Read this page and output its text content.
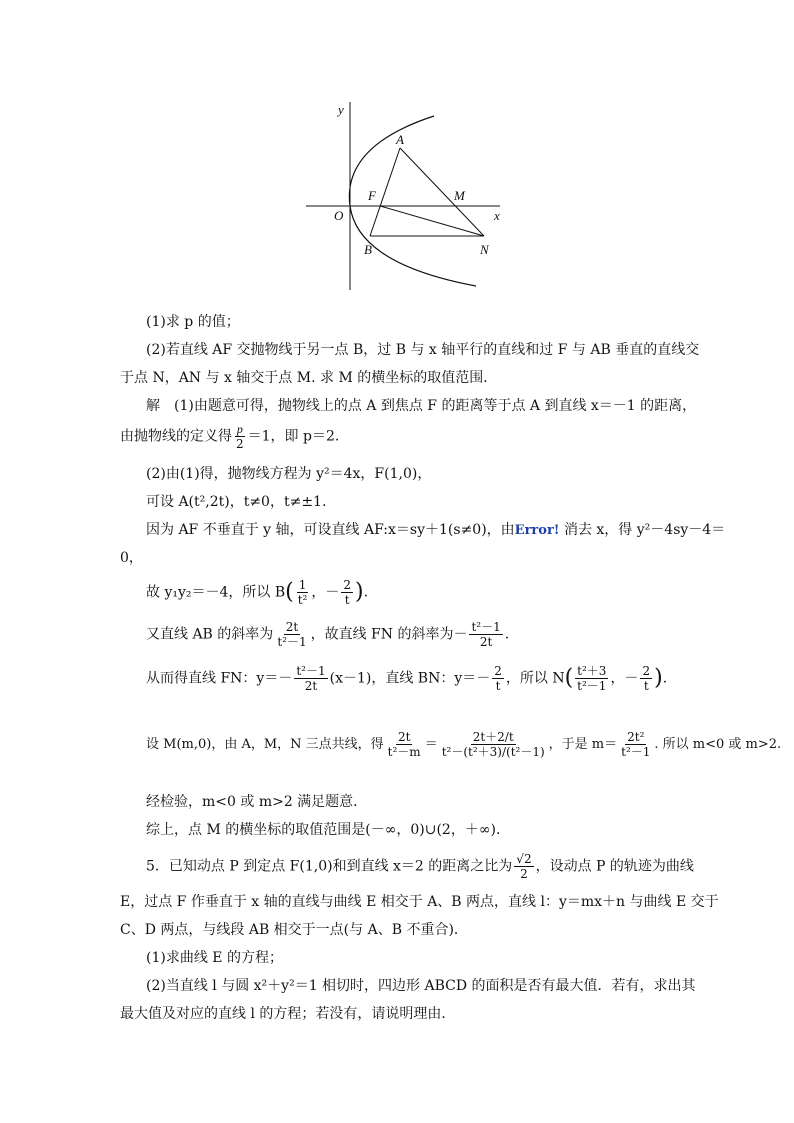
y
x
O
A
F	M
B	N
(1)求 p 的值；
(2)若直线 AF 交抛物线于另一点 B，过 B 与 x 轴平行的直线和过 F 与 AB 垂直的直线交
于点 N，AN 与 x 轴交于点 M. 求 M 的横坐标的取值范围．
解　(1)由题意可得，抛物线上的点 A 到焦点 F 的距离等于点 A 到直线 x＝－1 的距离，
由抛物线的定义得 $\frac{p}{2} =1$，即 p＝2.
(2)由(1)得，抛物线方程为 y²＝4x，F(1,0)，
可设 A(t²,2t)，t≠0，t≠±1.
因为 AF 不垂直于 y 轴，可设直线 AF:x＝sy＋1(s≠0)，由Error! 消去 x，得 y²－4sy－4＝
0，
故 y₁y₂＝－4，所以 $B( \frac{1}{\text{t²}}$ ，－ $\frac{2}{t}$ ).
又直线 AB 的斜率为 $\frac{2t}{\text{t²－1}}$ ，故直线 FN 的斜率为－ $\frac{\text{t²－1}}{2t}$ .
从而得直线 FN：$y=- \frac{\text{t²－1}}{2t} (x-1)$，直线 BN：$y=- \frac{2}{t}$ ，所以 $N( \frac{\text{t²＋3}}{\text{t²－1}}$ ，－ $\frac{2}{t}$ ).
设 M(m,0)，由 A，M，N 三点共线，得 $\frac{2t}{\text{t²－m}} = \frac{2t+2/t}{\text{t²－(t²＋3)/(t²－1)}}$ ，于是 $m= \frac{\text{2t²}}{\text{t²－1}}$ . 所以 m<0 或 m>2.
经检验，m<0 或 m>2 满足题意．
综上，点 M 的横坐标的取值范围是(－∞，0)∪(2，＋∞)．
5．已知动点 P 到定点 F(1,0)和到直线 x＝2 的距离之比为 $\frac{√2}{2}$ ，设动点 P 的轨迹为曲线
E，过点 F 作垂直于 x 轴的直线与曲线 E 相交于 A、B 两点，直线 l：y＝mx＋n 与曲线 E 交于
C、D 两点，与线段 AB 相交于一点(与 A、B 不重合)．
(1)求曲线 E 的方程；
(2)当直线 l 与圆 x²＋y²＝1 相切时，四边形 ABCD 的面积是否有最大值．若有，求出其
最大值及对应的直线 l 的方程；若没有，请说明理由．
